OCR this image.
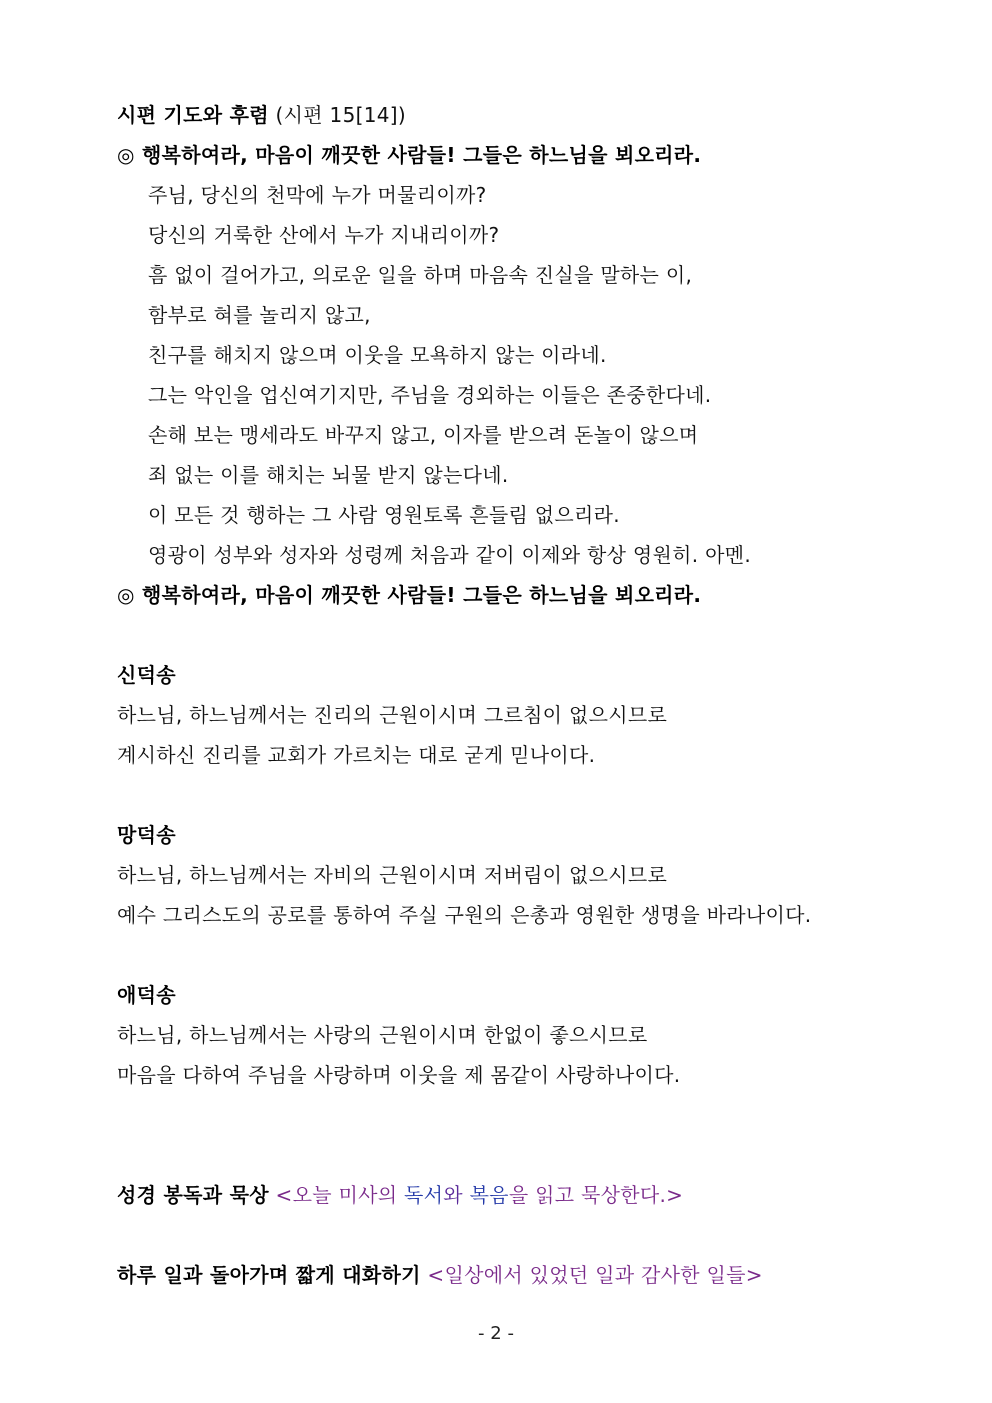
시편 기도와 후렴 (시편 15[14])
◎ 행복하여라, 마음이 깨끗한 사람들! 그들은 하느님을 뵈오리라.
주님, 당신의 천막에 누가 머물리이까?
당신의 거룩한 산에서 누가 지내리이까?
흠 없이 걸어가고, 의로운 일을 하며 마음속 진실을 말하는 이,
함부로 혀를 놀리지 않고,
친구를 해치지 않으며 이웃을 모욕하지 않는 이라네.
그는 악인을 업신여기지만, 주님을 경외하는 이들은 존중한다네.
손해 보는 맹세라도 바꾸지 않고, 이자를 받으려 돈놀이 않으며
죄 없는 이를 해치는 뇌물 받지 않는다네.
이 모든 것 행하는 그 사람 영원토록 흔들림 없으리라.
영광이 성부와 성자와 성령께 처음과 같이 이제와 항상 영원히. 아멘.
◎ 행복하여라, 마음이 깨끗한 사람들! 그들은 하느님을 뵈오리라.
신덕송
하느님, 하느님께서는 진리의 근원이시며 그르침이 없으시므로
계시하신 진리를 교회가 가르치는 대로 굳게 믿나이다.
망덕송
하느님, 하느님께서는 자비의 근원이시며 저버림이 없으시므로
예수 그리스도의 공로를 통하여 주실 구원의 은총과 영원한 생명을 바라나이다.
애덕송
하느님, 하느님께서는 사랑의 근원이시며 한없이 좋으시므로
마음을 다하여 주님을 사랑하며 이웃을 제 몸같이 사랑하나이다.
성경 봉독과 묵상 <오늘 미사의 독서와 복음을 읽고 묵상한다.>
하루 일과 돌아가며 짧게 대화하기 <일상에서 있었던 일과 감사한 일들>
- 2 -
